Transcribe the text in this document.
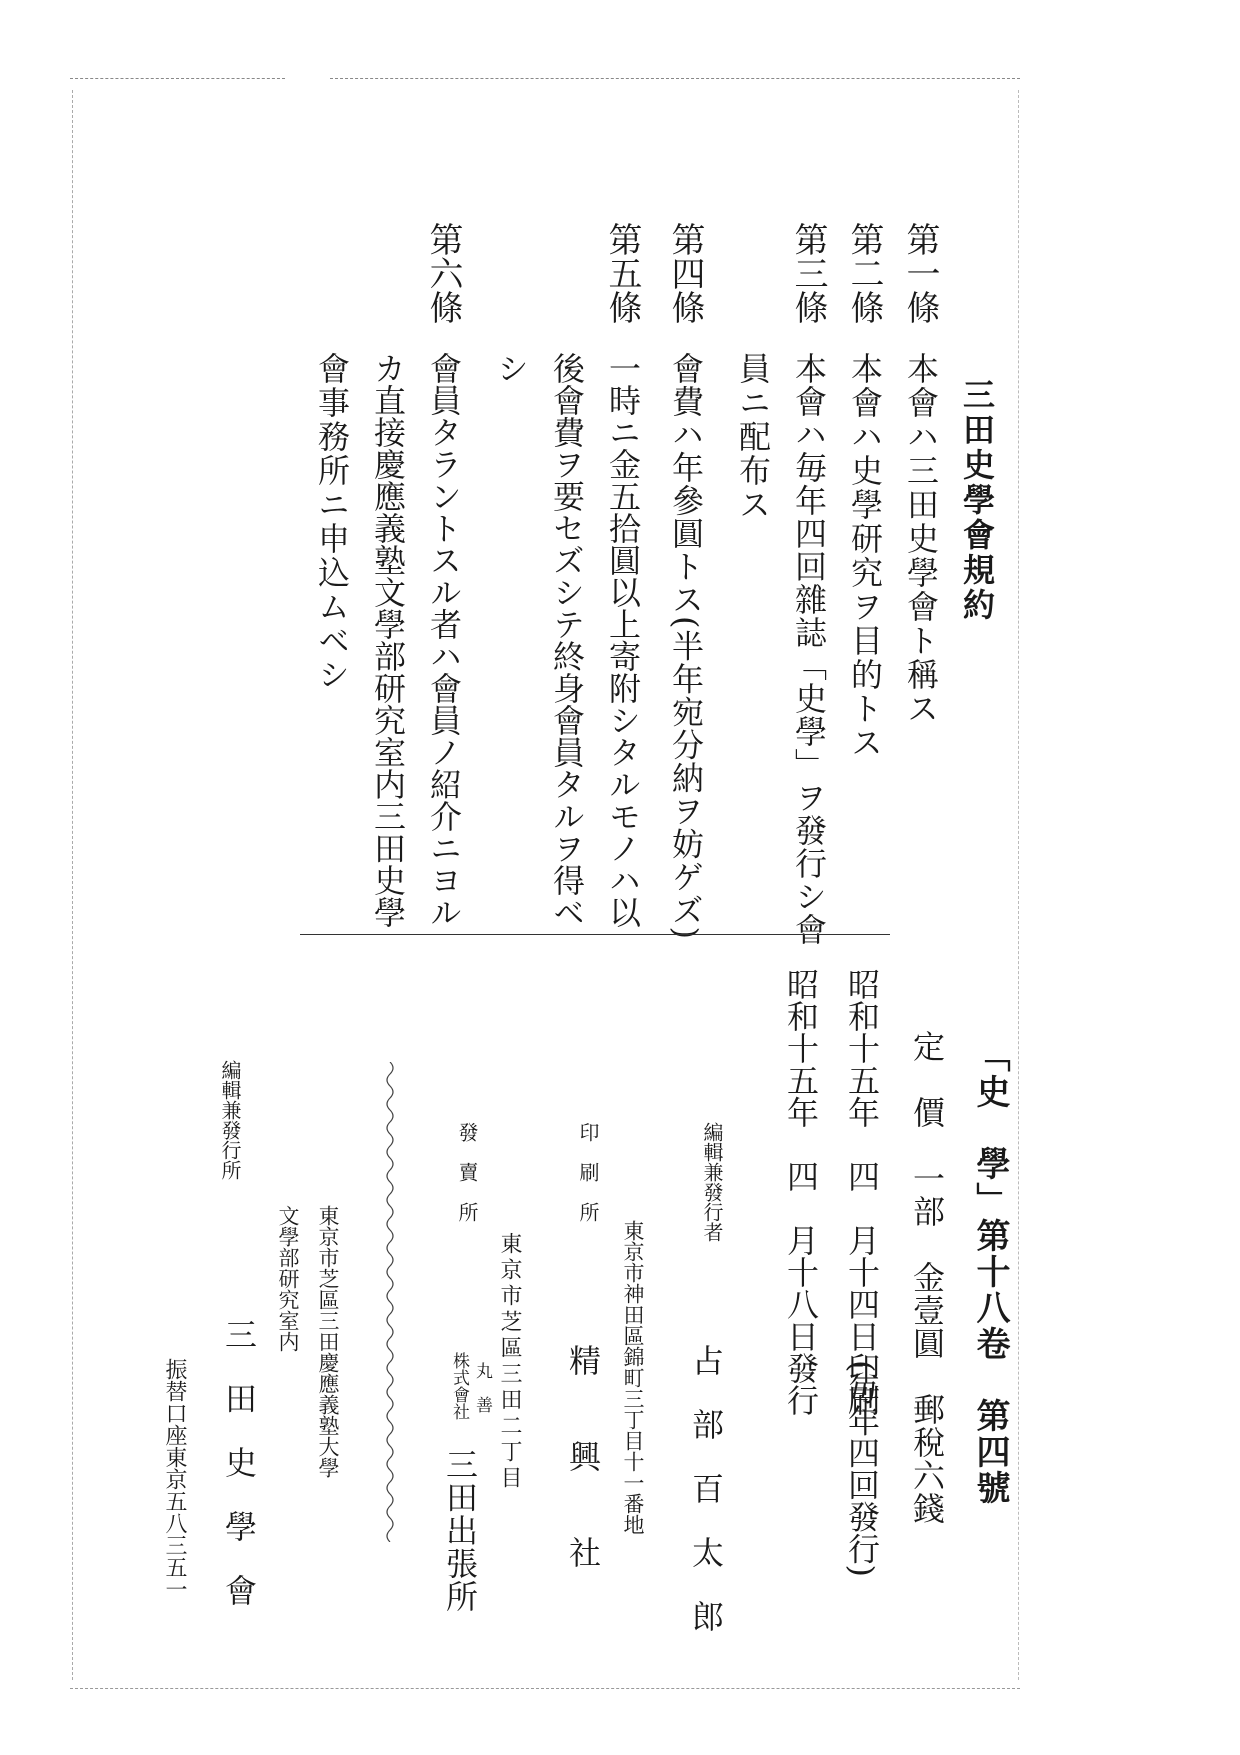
三田史學會規約
第一條
本會ハ三田史學會ト稱ス
第二條
本會ハ史學研究ヲ目的トス
第三條
本會ハ毎年四回雜誌「史學」ヲ發行シ會
員ニ配布ス
第四條
會費ハ年參圓トス(半年宛分納ヲ妨ゲズ)
第五條
一時ニ金五拾圓以上寄附シタルモノハ以
後會費ヲ要セズシテ終身會員タルヲ得ベ
シ
第六條
會員タラントスル者ハ會員ノ紹介ニヨル
カ直接慶應義塾文學部研究室内三田史學
會事務所ニ申込ムベシ
「史　學」第十八卷　第四號
定　價　一部　金壹圓　郵稅六錢
昭和十五年　四　月十四日印刷
(毎年四回發行)
昭和十五年　四　月十八日發行
編輯兼發行者
占　部　百　太　郎
東京市神田區錦町三丁目十一番地
印　刷　所
精　　興　　社
東京市芝區三田二丁目
發　賣　所
丸　善
株式會社
三田出張所
東京市芝區三田慶應義塾大學
文學部研究室内
編輯兼發行所
三　田　史　學　會
振替口座東京五八三五一
